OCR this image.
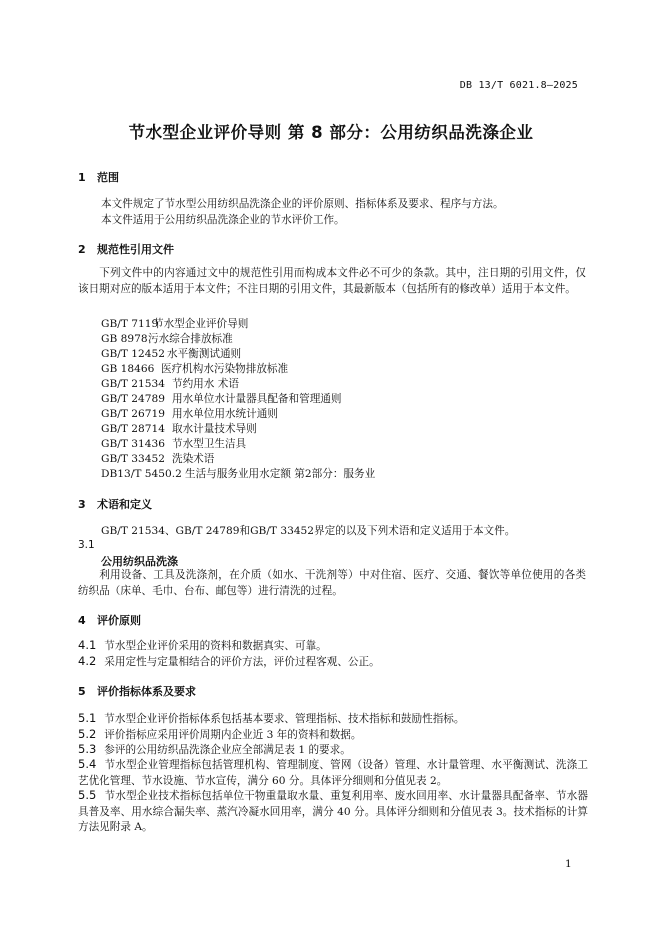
DB 13/T 6021.8—2025
节水型企业评价导则 第 8 部分：公用纺织品洗涤企业
1 范围
本文件规定了节水型公用纺织品洗涤企业的评价原则、指标体系及要求、程序与方法。
本文件适用于公用纺织品洗涤企业的节水评价工作。
2 规范性引用文件
下列文件中的内容通过文中的规范性引用而构成本文件必不可少的条款。其中，注日期的引用文件，仅该日期对应的版本适用于本文件；不注日期的引用文件，其最新版本（包括所有的修改单）适用于本文件。
GB/T 7119节水型企业评价导则
GB 8978污水综合排放标准
GB/T 12452 水平衡测试通则
GB 18466 医疗机构水污染物排放标准
GB/T 21534 节约用水 术语
GB/T 24789 用水单位水计量器具配备和管理通则
GB/T 26719 用水单位用水统计通则
GB/T 28714 取水计量技术导则
GB/T 31436 节水型卫生洁具
GB/T 33452 洗染术语
DB13/T 5450.2 生活与服务业用水定额 第2部分：服务业
3 术语和定义
GB/T 21534、GB/T 24789和GB/T 33452界定的以及下列术语和定义适用于本文件。
3.1
公用纺织品洗涤
利用设备、工具及洗涤剂，在介质（如水、干洗剂等）中对住宿、医疗、交通、餐饮等单位使用的各类纺织品（床单、毛巾、台布、邮包等）进行清洗的过程。
4 评价原则
4.1 节水型企业评价采用的资料和数据真实、可靠。
4.2 采用定性与定量相结合的评价方法，评价过程客观、公正。
5 评价指标体系及要求
5.1 节水型企业评价指标体系包括基本要求、管理指标、技术指标和鼓励性指标。
5.2 评价指标应采用评价周期内企业近 3 年的资料和数据。
5.3 参评的公用纺织品洗涤企业应全部满足表 1 的要求。
5.4 节水型企业管理指标包括管理机构、管理制度、管网（设备）管理、水计量管理、水平衡测试、洗涤工艺优化管理、节水设施、节水宣传，满分 60 分。具体评分细则和分值见表 2。
5.5 节水型企业技术指标包括单位干物重量取水量、重复利用率、废水回用率、水计量器具配备率、节水器具普及率、用水综合漏失率、蒸汽冷凝水回用率，满分 40 分。具体评分细则和分值见表 3。技术指标的计算方法见附录 A。
1
